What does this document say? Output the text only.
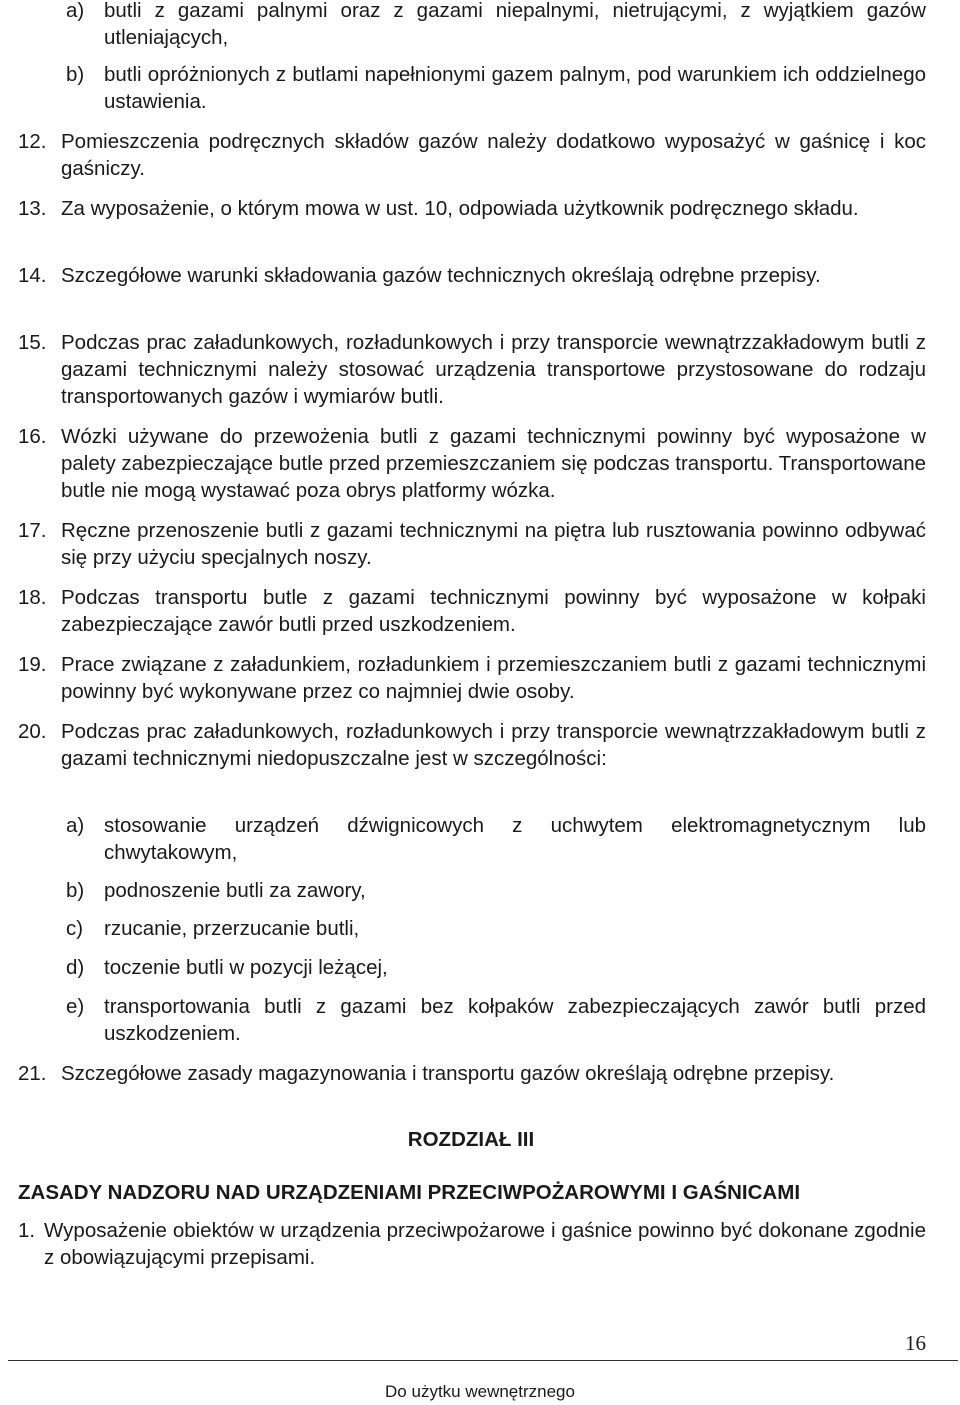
a) butli z gazami palnymi oraz z gazami niepalnymi, nietrującymi, z wyjątkiem gazów utleniających,
b) butli opróżnionych z butlami napełnionymi gazem palnym, pod warunkiem ich oddzielnego ustawienia.
12. Pomieszczenia podręcznych składów gazów należy dodatkowo wyposażyć w gaśnicę i koc gaśniczy.
13. Za wyposażenie, o którym mowa w ust. 10, odpowiada użytkownik podręcznego składu.
14. Szczegółowe warunki składowania gazów technicznych określają odrębne przepisy.
15. Podczas prac załadunkowych, rozładunkowych i przy transporcie wewnątrzzakładowym butli z gazami technicznymi należy stosować urządzenia transportowe przystosowane do rodzaju transportowanych gazów i wymiarów butli.
16. Wózki używane do przewożenia butli z gazami technicznymi powinny być wyposażone w palety zabezpieczające butle przed przemieszczaniem się podczas transportu. Transportowane butle nie mogą wystawać poza obrys platformy wózka.
17. Ręczne przenoszenie butli z gazami technicznymi na piętra lub rusztowania powinno odbywać się przy użyciu specjalnych noszy.
18. Podczas transportu butle z gazami technicznymi powinny być wyposażone w kołpaki zabezpieczające zawór butli przed uszkodzeniem.
19. Prace związane z załadunkiem, rozładunkiem i przemieszczaniem butli z gazami technicznymi powinny być wykonywane przez co najmniej dwie osoby.
20. Podczas prac załadunkowych, rozładunkowych i przy transporcie wewnątrzzakładowym butli z gazami technicznymi niedopuszczalne jest w szczególności:
a) stosowanie urządzeń dźwignicowych z uchwytem elektromagnetycznym lub chwytakowym,
b) podnoszenie butli za zawory,
c)	rzucanie, przerzucanie butli,
d) toczenie butli w pozycji leżącej,
e) transportowania butli z gazami bez kołpaków zabezpieczających zawór butli przed uszkodzeniem.
21. Szczegółowe zasady magazynowania i transportu gazów określają odrębne przepisy.
ROZDZIAŁ III
ZASADY NADZORU NAD URZĄDZENIAMI PRZECIWPOŻAROWYMI I GAŚNICAMI
1. Wyposażenie obiektów w urządzenia przeciwpożarowe i gaśnice powinno być dokonane zgodnie z obowiązującymi przepisami.
16
Do użytku wewnętrznego
